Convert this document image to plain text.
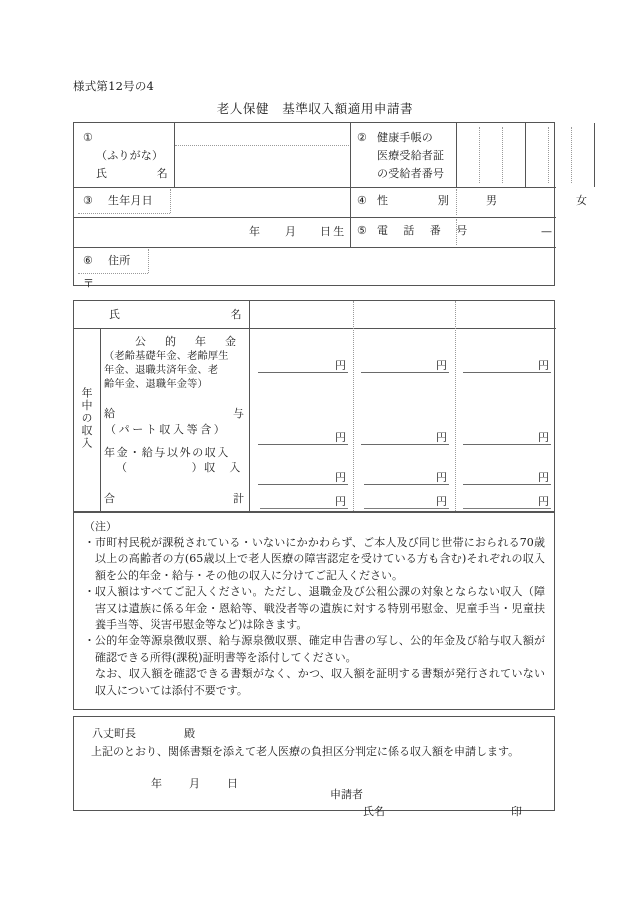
様式第12号の4
老人保健　基準収入額適用申請書
①
（ふりがな）
氏　　　名
② 健康手帳の
医療受給者証
の受給者番号
③ 生年月日
年 月 日生
④ 性　　　別	男	女
⑤ 電　話　番　号	—
⑥ 住所
〒
氏　　　　　　　名
年中の収入
公　的　年　金
（老齢基礎年金、老齢厚生
年金、退職共済年金、老
齢年金、退職年金等）
円	円	円
給	与
（パート収入等含）
円	円	円
年金・給与以外の収入
（　　　　　）収　入
円	円	円
合	計	円	円	円
（注）
・ 市町村民税が課税されている・いないにかかわらず、ご本人及び同じ世帯におられる70歳以上の高齢者の方(65歳以上で老人医療の障害認定を受けている方も含む)それぞれの収入額を公的年金・給与・その他の収入に分けてご記入ください。
・ 収入額はすべてご記入ください。ただし、退職金及び公租公課の対象とならない収入（障害又は遺族に係る年金・恩給等、戦没者等の遺族に対する特別弔慰金、児童手当・児童扶養手当等、災害弔慰金等など)は除きます。
・ 公的年金等源泉徴収票、給与源泉徴収票、確定申告書の写し、公的年金及び給与収入額が確認できる所得(課税)証明書等を添付してください。
なお、収入額を確認できる書類がなく、かつ、収入額を証明する書類が発行されていない収入については添付不要です。
八丈町長	殿
　上記のとおり、関係書類を添えて老人医療の負担区分判定に係る収入額を申請します。
年 月 日
申請者
氏名	印
